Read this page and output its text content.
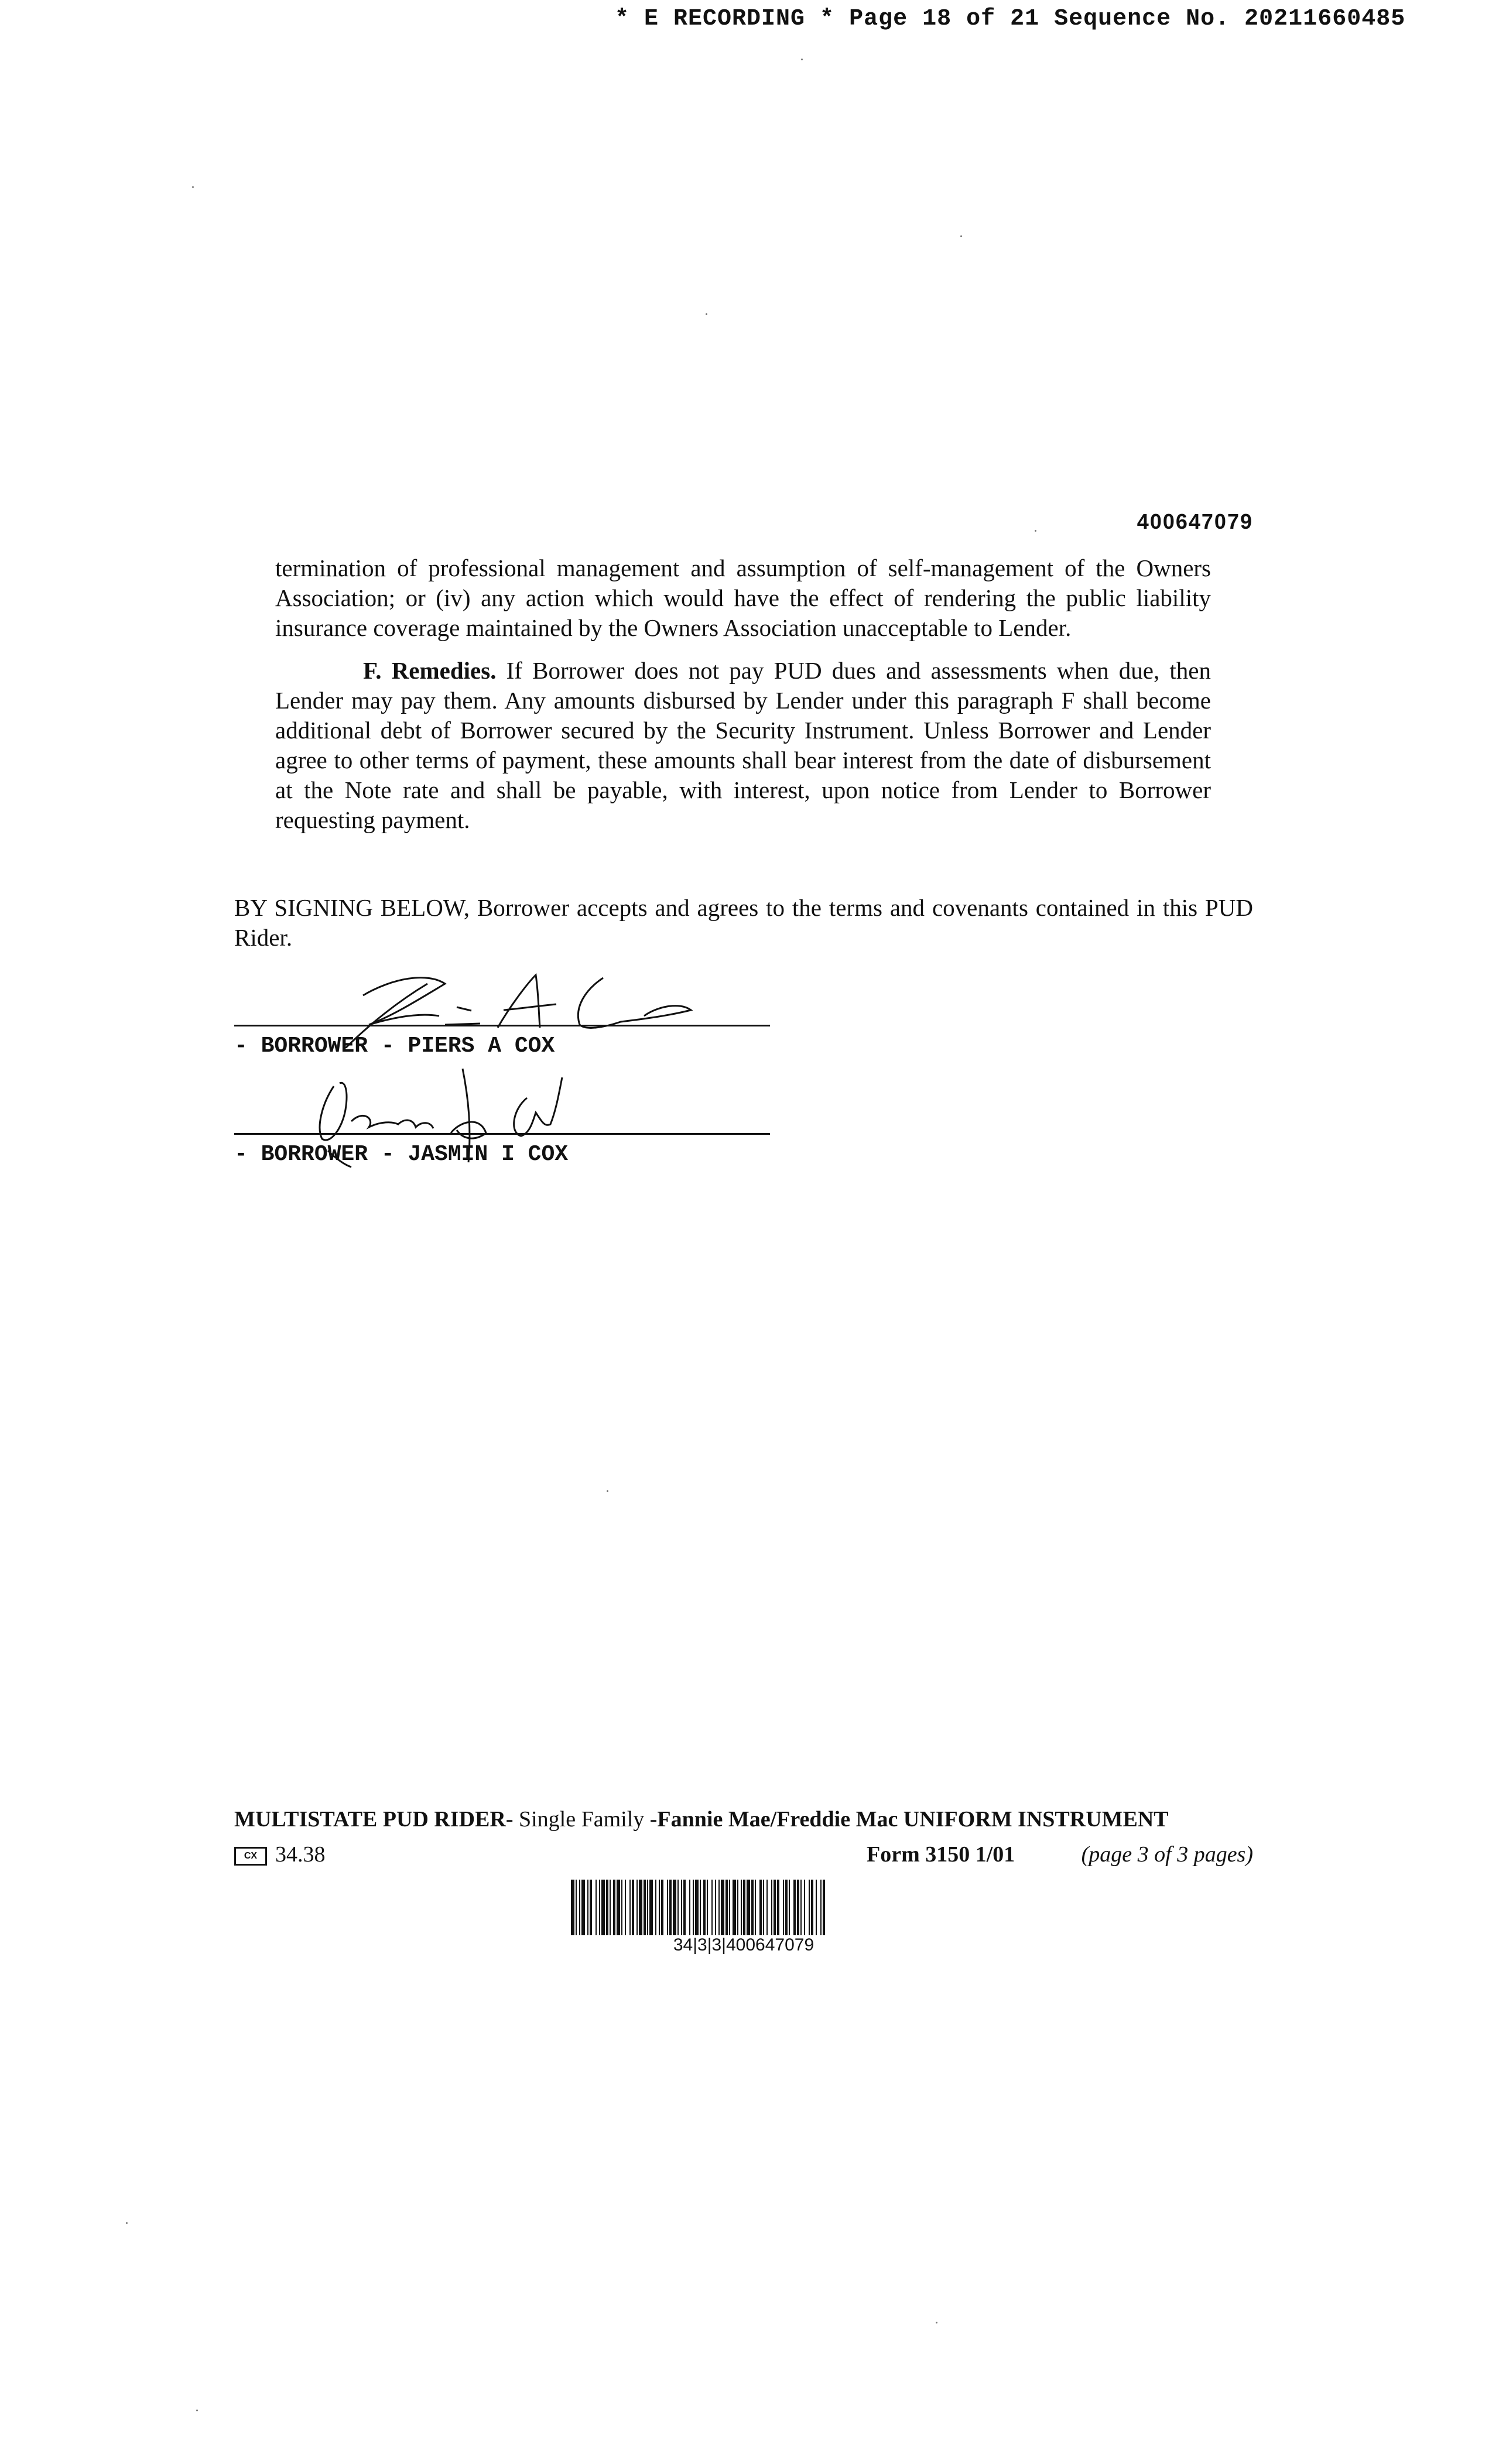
* E RECORDING * Page 18 of 21 Sequence No. 20211660485
400647079
termination of professional management and assumption of self-management of the Owners Association; or (iv) any action which would have the effect of rendering the public liability insurance coverage maintained by the Owners Association unacceptable to Lender.
F. Remedies. If Borrower does not pay PUD dues and assessments when due, then Lender may pay them. Any amounts disbursed by Lender under this paragraph F shall become additional debt of Borrower secured by the Security Instrument. Unless Borrower and Lender agree to other terms of payment, these amounts shall bear interest from the date of disbursement at the Note rate and shall be payable, with interest, upon notice from Lender to Borrower requesting payment.
BY SIGNING BELOW, Borrower accepts and agrees to the terms and covenants contained in this PUD Rider.
- BORROWER - PIERS A COX
- BORROWER - JASMIN I COX
MULTISTATE PUD RIDER- Single Family -Fannie Mae/Freddie Mac UNIFORM INSTRUMENT
CX 34.38	Form 3150 1/01	(page 3 of 3 pages)
34|3|3|400647079
